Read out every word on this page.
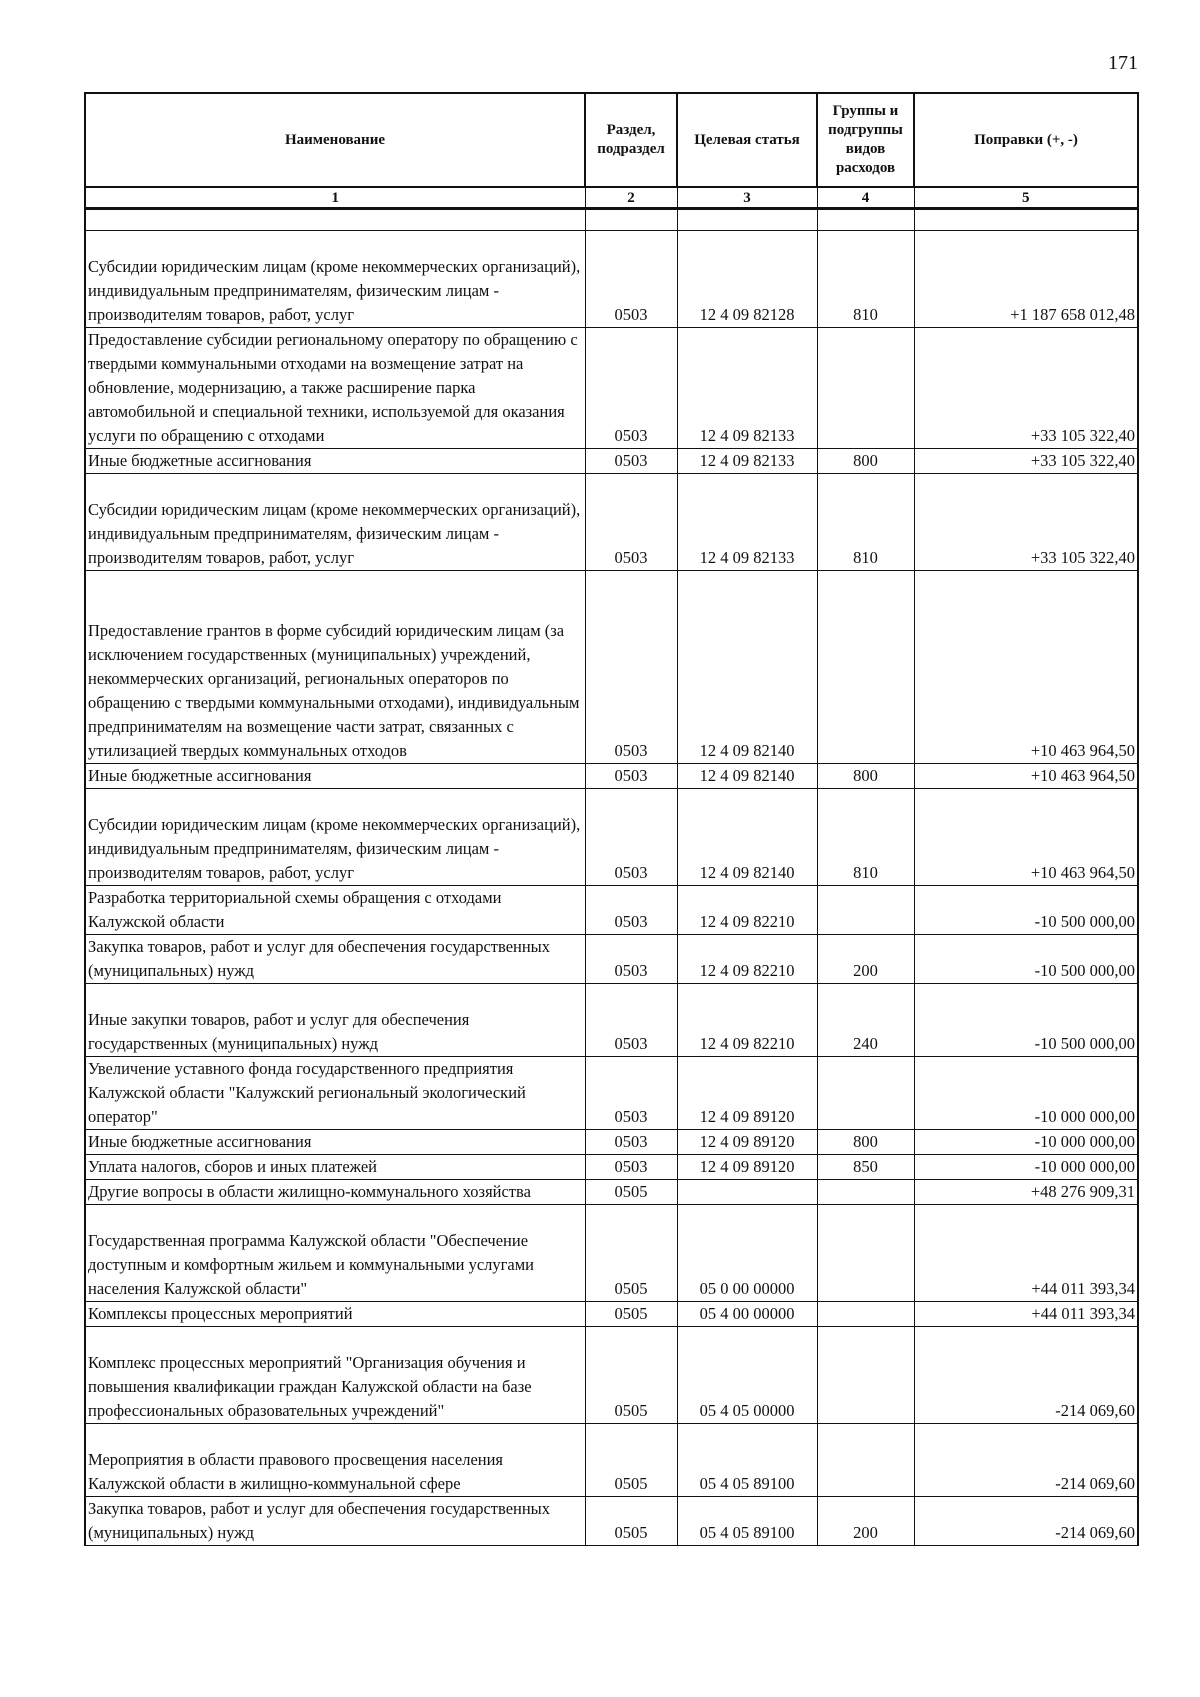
171
Наименование	Раздел, подраздел	Целевая статья	Группы и подгруппы видов расходов	Поправки (+, -)
1	2	3	4	5

Субсидии юридическим лицам (кроме некоммерческих организаций), индивидуальным предпринимателям, физическим лицам - производителям товаров, работ, услуг	0503	12 4 09 82128	810	+1 187 658 012,48
Предоставление субсидии региональному оператору по обращению с твердыми коммунальными отходами на возмещение затрат на обновление, модернизацию, а также расширение парка автомобильной и специальной техники, используемой для оказания услуги по обращению с отходами	0503	12 4 09 82133		+33 105 322,40
Иные бюджетные ассигнования	0503	12 4 09 82133	800	+33 105 322,40
Субсидии юридическим лицам (кроме некоммерческих организаций), индивидуальным предпринимателям, физическим лицам - производителям товаров, работ, услуг	0503	12 4 09 82133	810	+33 105 322,40
Предоставление грантов в форме субсидий юридическим лицам (за исключением государственных (муниципальных) учреждений, некоммерческих организаций, региональных операторов по обращению с твердыми коммунальными отходами), индивидуальным предпринимателям на возмещение части затрат, связанных с утилизацией твердых коммунальных отходов	0503	12 4 09 82140		+10 463 964,50
Иные бюджетные ассигнования	0503	12 4 09 82140	800	+10 463 964,50
Субсидии юридическим лицам (кроме некоммерческих организаций), индивидуальным предпринимателям, физическим лицам - производителям товаров, работ, услуг	0503	12 4 09 82140	810	+10 463 964,50
Разработка территориальной схемы обращения с отходами Калужской области	0503	12 4 09 82210		-10 500 000,00
Закупка товаров, работ и услуг для обеспечения государственных (муниципальных) нужд	0503	12 4 09 82210	200	-10 500 000,00
Иные закупки товаров, работ и услуг для обеспечения государственных (муниципальных) нужд	0503	12 4 09 82210	240	-10 500 000,00
Увеличение уставного фонда государственного предприятия Калужской области "Калужский региональный экологический оператор"	0503	12 4 09 89120		-10 000 000,00
Иные бюджетные ассигнования	0503	12 4 09 89120	800	-10 000 000,00
Уплата налогов, сборов и иных платежей	0503	12 4 09 89120	850	-10 000 000,00
Другие вопросы в области жилищно-коммунального хозяйства	0505			+48 276 909,31
Государственная программа Калужской области "Обеспечение доступным и комфортным жильем и коммунальными услугами населения Калужской области"	0505	05 0 00 00000		+44 011 393,34
Комплексы процессных мероприятий	0505	05 4 00 00000		+44 011 393,34
Комплекс процессных мероприятий "Организация обучения и повышения квалификации граждан Калужской области на базе профессиональных образовательных учреждений"	0505	05 4 05 00000		-214 069,60
Мероприятия в области правового просвещения населения Калужской области в жилищно-коммунальной сфере	0505	05 4 05 89100		-214 069,60
Закупка товаров, работ и услуг для обеспечения государственных (муниципальных) нужд	0505	05 4 05 89100	200	-214 069,60
